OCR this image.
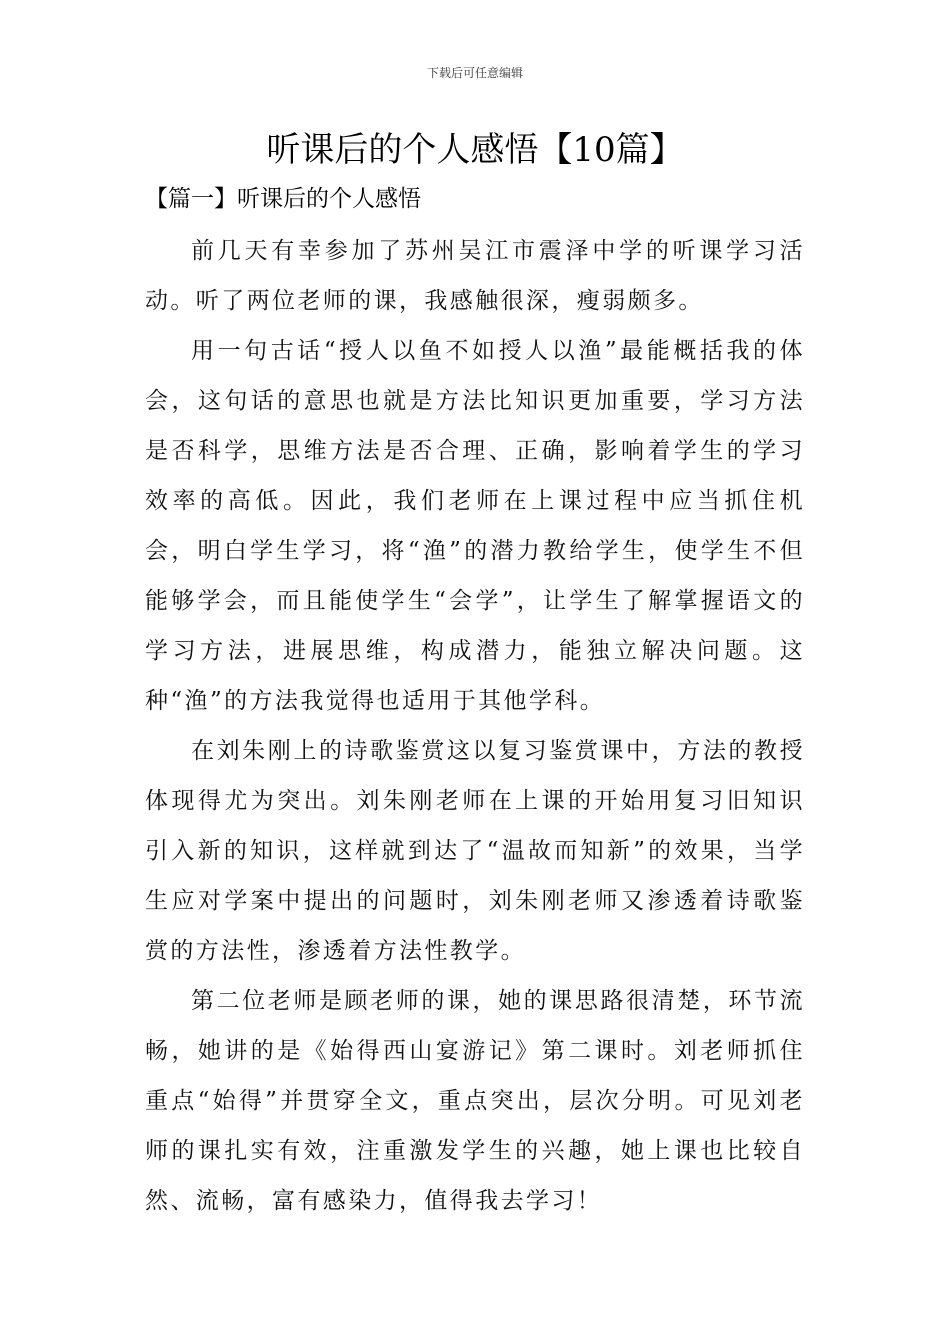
下载后可任意编辑
听课后的个人感悟【10篇】
【篇一】听课后的个人感悟

前几天有幸参加了苏州吴江市震泽中学的听课学习活动。听了两位老师的课，我感触很深，瘦弱颇多。

用一句古话“授人以鱼不如授人以渔”最能概括我的体会，这句话的意思也就是方法比知识更加重要，学习方法是否科学，思维方法是否合理、正确，影响着学生的学习效率的高低。因此，我们老师在上课过程中应当抓住机会，明白学生学习，将“渔”的潜力教给学生，使学生不但能够学会，而且能使学生“会学”，让学生了解掌握语文的学习方法，进展思维，构成潜力，能独立解决问题。这种“渔”的方法我觉得也适用于其他学科。

在刘朱刚上的诗歌鉴赏这以复习鉴赏课中，方法的教授体现得尤为突出。刘朱刚老师在上课的开始用复习旧知识引入新的知识，这样就到达了“温故而知新”的效果，当学生应对学案中提出的问题时，刘朱刚老师又渗透着诗歌鉴赏的方法性，渗透着方法性教学。

第二位老师是顾老师的课，她的课思路很清楚，环节流畅，她讲的是《始得西山宴游记》第二课时。刘老师抓住重点“始得”并贯穿全文，重点突出，层次分明。可见刘老师的课扎实有效，注重激发学生的兴趣，她上课也比较自然、流畅，富有感染力，值得我去学习！
